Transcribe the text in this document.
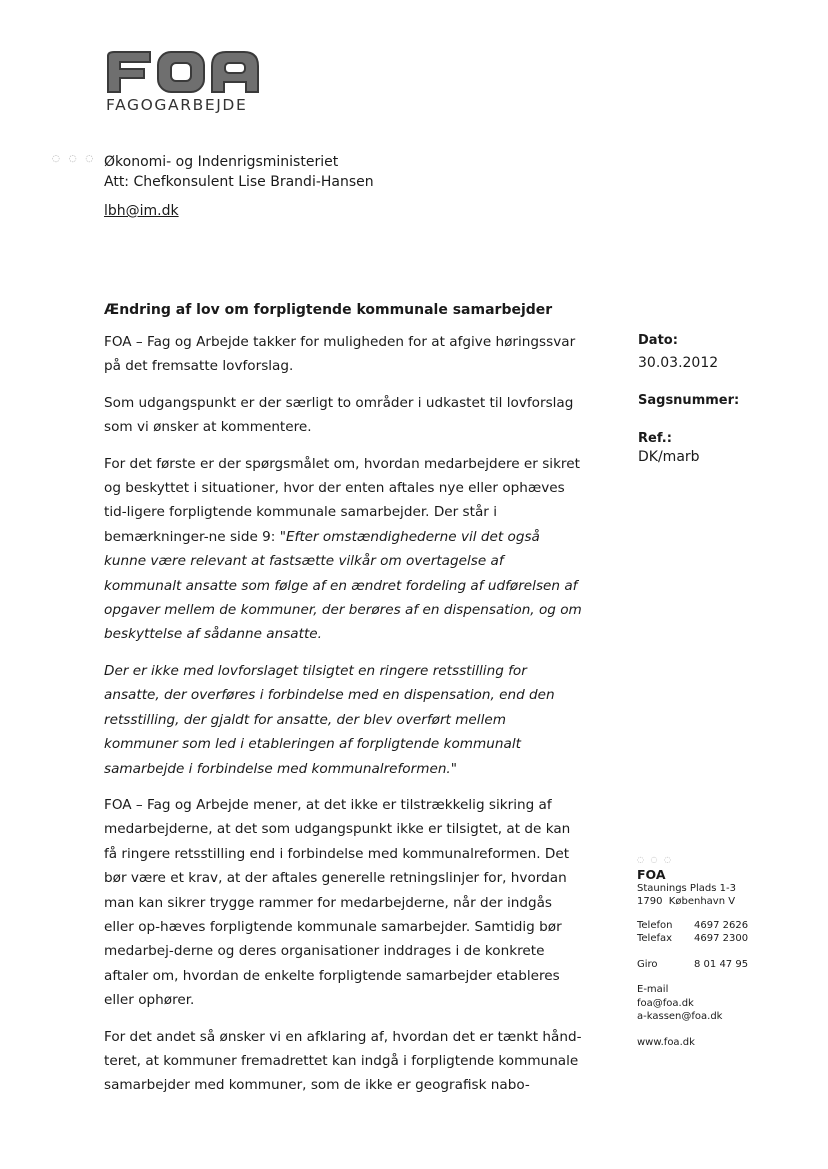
FAGOGARBEJDE
◌ ◌ ◌ Økonomi- og Indenrigsministeriet
Att: Chefkonsulent Lise Brandi-Hansen
lbh@im.dk
Ændring af lov om forpligtende kommunale samarbejder

FOA – Fag og Arbejde takker for muligheden for at afgive høringssvar på det fremsatte lovforslag.

Som udgangspunkt er der særligt to områder i udkastet til lovforslag som vi ønsker at kommentere.

For det første er der spørgsmålet om, hvordan medarbejdere er sikret og beskyttet i situationer, hvor der enten aftales nye eller ophæves tid-ligere forpligtende kommunale samarbejder. Der står i bemærkninger-ne side 9: "Efter omstændighederne vil det også kunne være relevant at fastsætte vilkår om overtagelse af kommunalt ansatte som følge af en ændret fordeling af udførelsen af opgaver mellem de kommuner, der berøres af en dispensation, og om beskyttelse af sådanne ansatte.

Der er ikke med lovforslaget tilsigtet en ringere retsstilling for ansatte, der overføres i forbindelse med en dispensation, end den retsstilling, der gjaldt for ansatte, der blev overført mellem kommuner som led i etableringen af forpligtende kommunalt samarbejde i forbindelse med kommunalreformen."

FOA – Fag og Arbejde mener, at det ikke er tilstrækkelig sikring af medarbejderne, at det som udgangspunkt ikke er tilsigtet, at de kan få ringere retsstilling end i forbindelse med kommunalreformen. Det bør være et krav, at der aftales generelle retningslinjer for, hvordan man kan sikrer trygge rammer for medarbejderne, når der indgås eller op-hæves forpligtende kommunale samarbejder. Samtidig bør medarbej-derne og deres organisationer inddrages i de konkrete aftaler om, hvordan de enkelte forpligtende samarbejder etableres eller ophører.

For det andet så ønsker vi en afklaring af, hvordan det er tænkt hånd-teret, at kommuner fremadrettet kan indgå i forpligtende kommunale samarbejder med kommuner, som de ikke er geografisk nabo-

Dato:
30.03.2012
Sagsnummer:
Ref.:
DK/marb
◌ ◌ ◌
FOA
Staunings Plads 1-3
1790  København V
Telefon	4697 2626
Telefax	4697 2300
Giro	8 01 47 95
E-mail
foa@foa.dk
a-kassen@foa.dk
www.foa.dk
